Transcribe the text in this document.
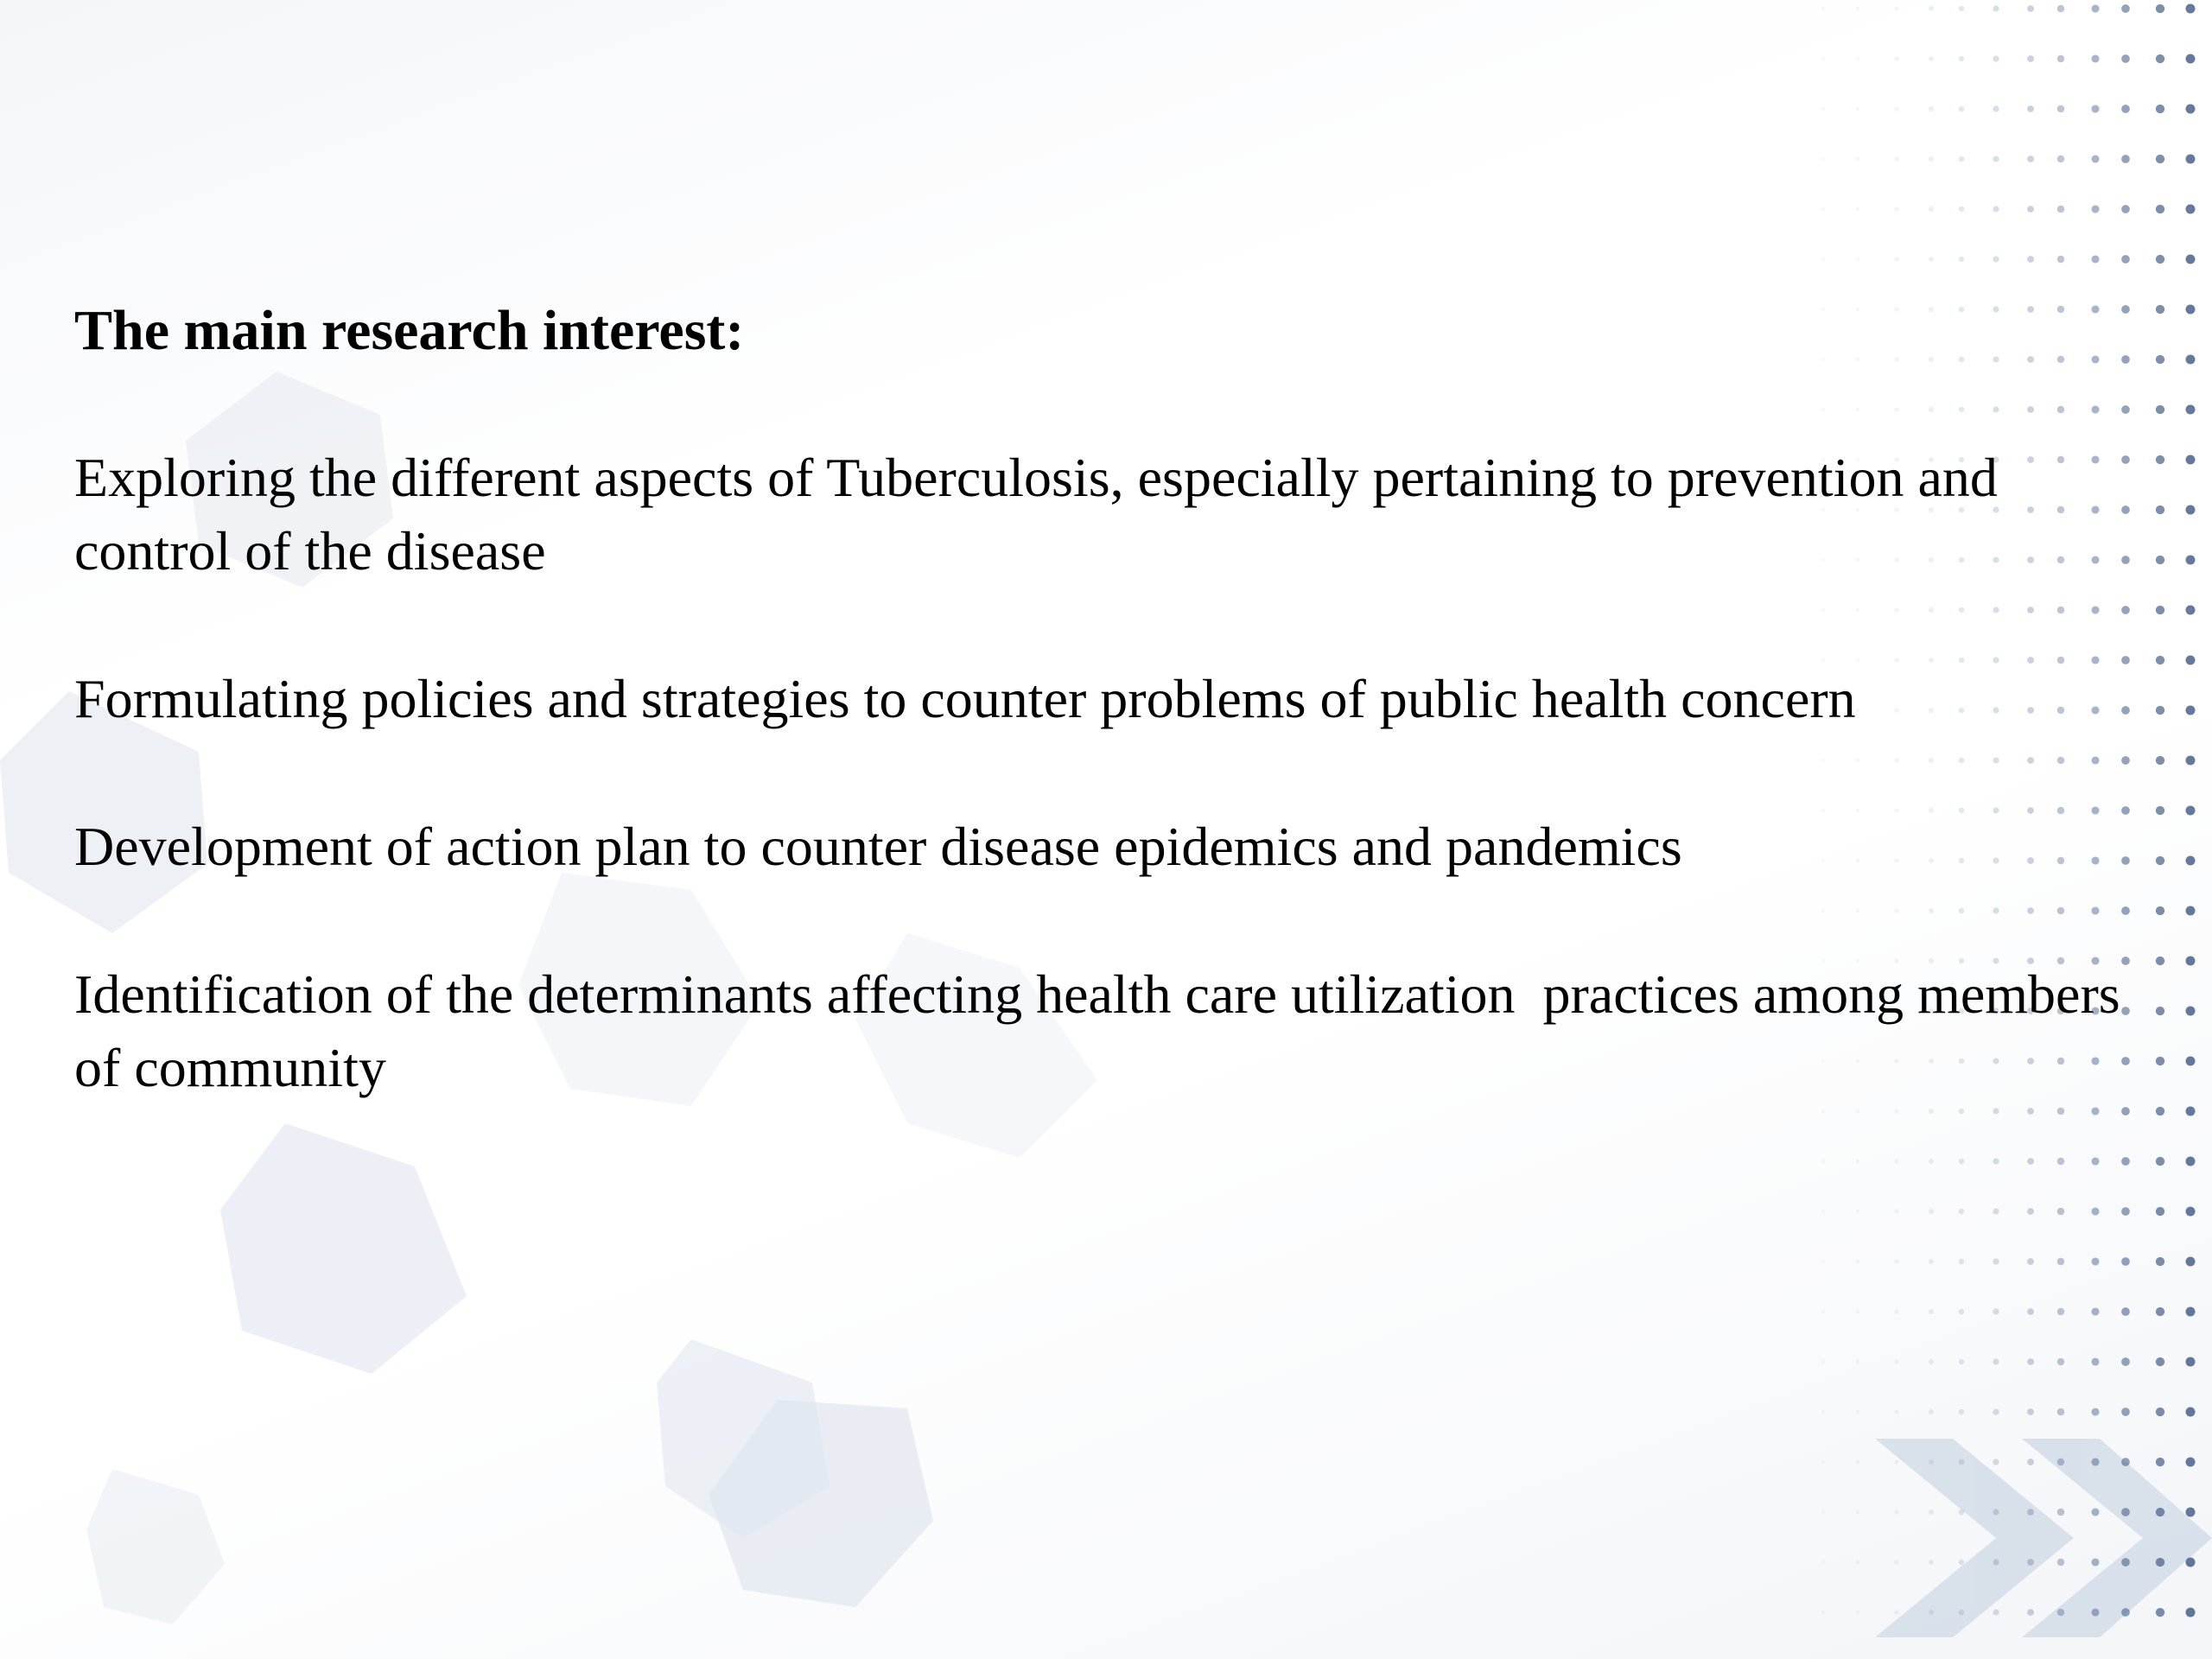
The main research interest:
Exploring the different aspects of Tuberculosis, especially pertaining to prevention and control of the disease
Formulating policies and strategies to counter problems of public health concern
Development of action plan to counter disease epidemics and pandemics
Identification of the determinants affecting health care utilization  practices among members of community
